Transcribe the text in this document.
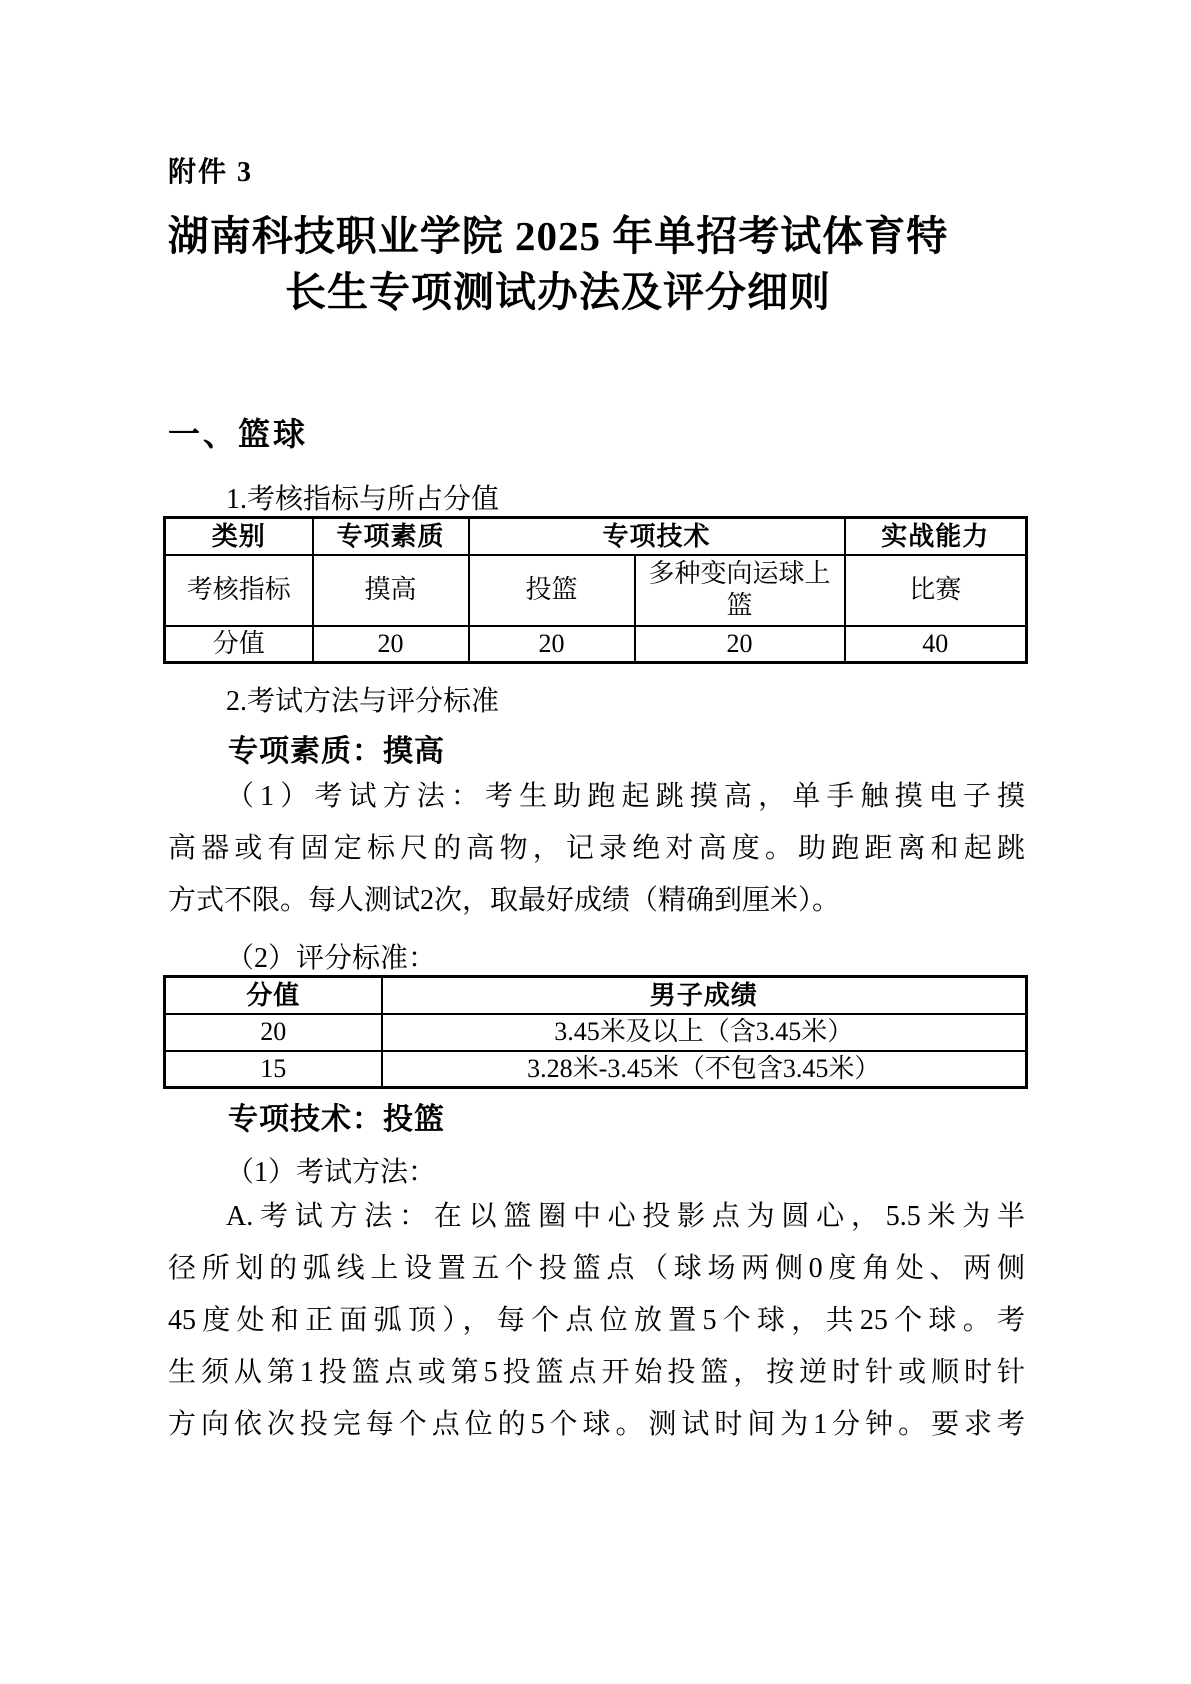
附件 3
湖南科技职业学院 2025 年单招考试体育特
长生专项测试办法及评分细则
一、篮球
1.考核指标与所占分值
类别	专项素质	专项技术		实战能力
考核指标	摸高	投篮	多种变向运球上篮	比赛
分值	20	20	20	40
2.考试方法与评分标准
专项素质：摸高
（1）考试方法：考生助跑起跳摸高，单手触摸电子摸
高器或有固定标尺的高物，记录绝对高度。助跑距离和起跳
方式不限。每人测试2次，取最好成绩（精确到厘米）。
（2）评分标准：
分值	男子成绩
20	3.45米及以上（含3.45米）
15	3.28米-3.45米（不包含3.45米）
专项技术：投篮
（1）考试方法：
A.考试方法：在以篮圈中心投影点为圆心，5.5米为半
径所划的弧线上设置五个投篮点（球场两侧0度角处、两侧
45度处和正面弧顶），每个点位放置5个球，共25个球。考
生须从第1投篮点或第5投篮点开始投篮，按逆时针或顺时针
方向依次投完每个点位的5个球。测试时间为1分钟。要求考
